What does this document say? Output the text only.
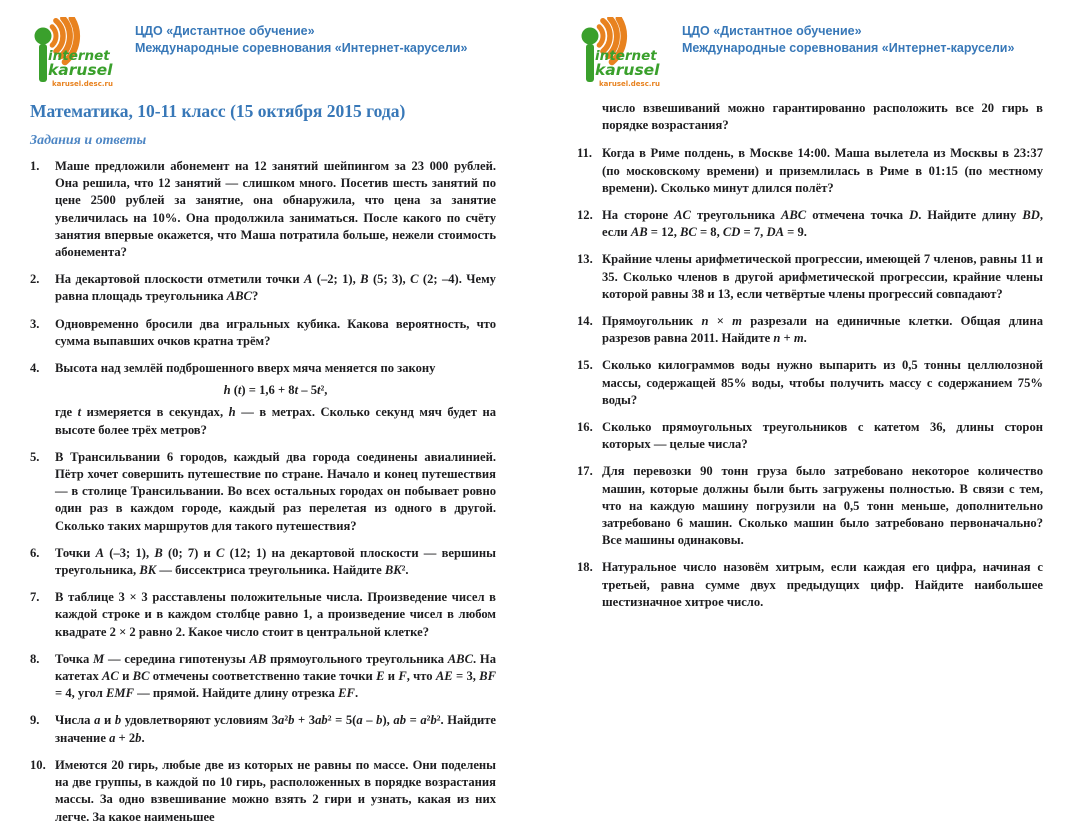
internet
karusel
karusel.desc.ru
ЦДО «Дистантное обучение»
Международные соревнования «Интернет-карусели»
Математика, 10-11 класс (15 октября 2015 года)
Задания и ответы
1.	Маше предложили абонемент на 12 занятий шейпингом за 23 000 рублей. Она решила, что 12 занятий — слишком много. Посетив шесть занятий по цене 2500 рублей за занятие, она обнаружила, что цена за занятие увеличилась на 10%. Она продолжила заниматься. После какого по счёту занятия впервые окажется, что Маша потратила больше, нежели стоимость абонемента?
2.	На декартовой плоскости отметили точки A (–2; 1), B (5; 3), C (2; –4). Чему равна площадь треугольника ABC?
3.	Одновременно бросили два игральных кубика. Какова вероятность, что сумма выпавших очков кратна трём?
4.	Высота над землёй подброшенного вверх мяча меняется по закону
h (t) = 1,6 + 8t – 5t²,
где t измеряется в секундах, h — в метрах. Сколько секунд мяч будет на высоте более трёх метров?
5.	В Трансильвании 6 городов, каждый два города соединены авиалинией. Пётр хочет совершить путешествие по стране. Начало и конец путешествия — в столице Трансильвании. Во всех остальных городах он побывает ровно один раз в каждом городе, каждый раз перелетая из одного в другой. Сколько таких маршрутов для такого путешествия?
6.	Точки A (–3; 1), B (0; 7) и C (12; 1) на декартовой плоскости — вершины треугольника, BK — биссектриса треугольника. Найдите BK².
7.	В таблице 3 × 3 расставлены положительные числа. Произведение чисел в каждой строке и в каждом столбце равно 1, а произведение чисел в любом квадрате 2 × 2 равно 2. Какое число стоит в центральной клетке?
8.	Точка M — середина гипотенузы AB прямоугольного треугольника ABC. На катетах AC и BC отмечены соответственно такие точки E и F, что AE = 3, BF = 4, угол EMF — прямой. Найдите длину отрезка EF.
9.	Числа a и b удовлетворяют условиям 3a²b + 3ab² = 5(a – b), ab = a²b². Найдите значение a + 2b.
10. Имеются 20 гирь, любые две из которых не равны по массе. Они поделены на две группы, в каждой по 10 гирь, расположенных в порядке возрастания массы. За одно взвешивание можно взять 2 гири и узнать, какая из них легче. За какое наименьшее
internet
karusel
karusel.desc.ru
ЦДО «Дистантное обучение»
Международные соревнования «Интернет-карусели»

число взвешиваний можно гарантированно расположить все 20 гирь в порядке возрастания?

11. Когда в Риме полдень, в Москве 14:00. Маша вылетела из Москвы в 23:37 (по московскому времени) и приземлилась в Риме в 01:15 (по местному времени). Сколько минут длился полёт?
12. На стороне AC треугольника ABC отмечена точка D. Найдите длину BD, если AB = 12, BC = 8, CD = 7, DA = 9.
13. Крайние члены арифметической прогрессии, имеющей 7 членов, равны 11 и 35. Сколько членов в другой арифметической прогрессии, крайние члены которой равны 38 и 13, если четвёртые члены прогрессий совпадают?
14. Прямоугольник n × m разрезали на единичные клетки. Общая длина разрезов равна 2011. Найдите n + m.
15. Сколько килограммов воды нужно выпарить из 0,5 тонны целлюлозной массы, содержащей 85% воды, чтобы получить массу с содержанием 75% воды?
16. Сколько прямоугольных треугольников с катетом 36, длины сторон которых — целые числа?
17. Для перевозки 90 тонн груза было затребовано некоторое количество машин, которые должны были быть загружены полностью. В связи с тем, что на каждую машину погрузили на 0,5 тонн меньше, дополнительно затребовано 6 машин. Сколько машин было затребовано первоначально? Все машины одинаковы.
18. Натуральное число назовём хитрым, если каждая его цифра, начиная с третьей, равна сумме двух предыдущих цифр. Найдите наибольшее шестизначное хитрое число.
